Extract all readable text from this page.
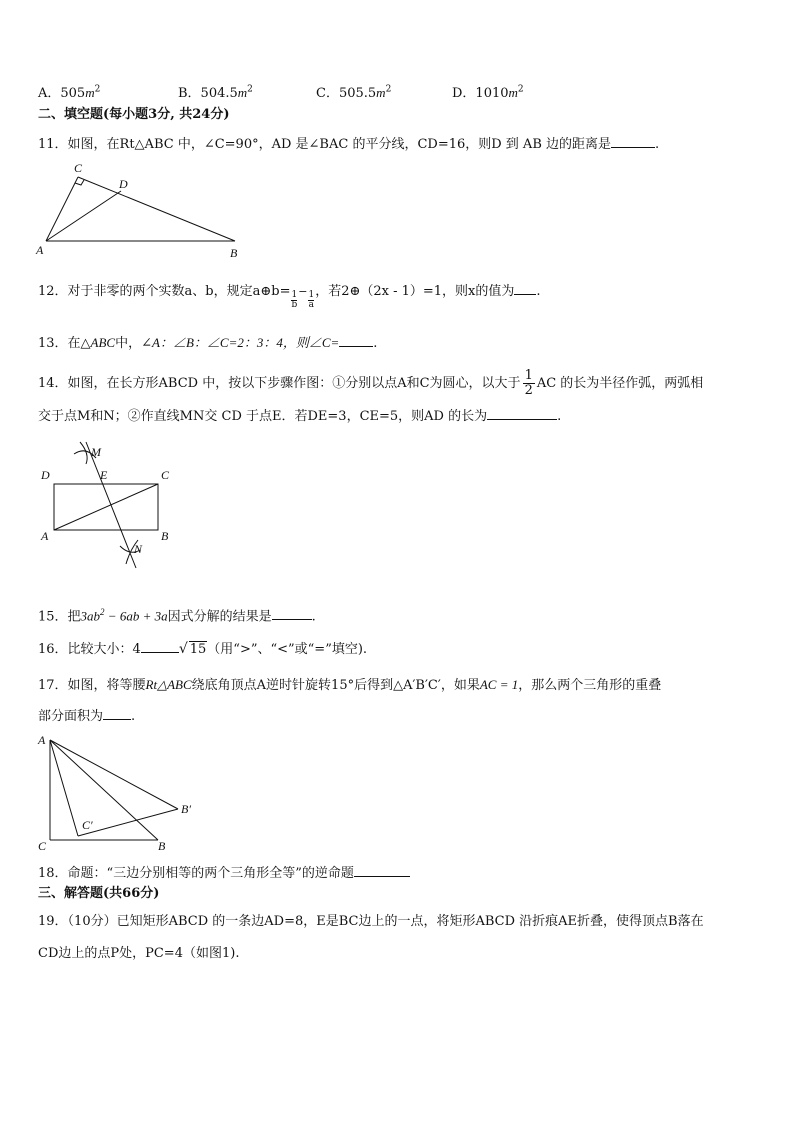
A．$505m^2$	B．$504.5m^2$	C．$505.5m^2$	D．$1010m^2$
二、填空题(每小题3分, 共24分)
11．如图，在Rt△ABC 中，∠C=90°，AD 是∠BAC 的平分线，CD=16，则D 到 AB 边的距离是	.
C
D
A	B
12．对于非零的两个实数a、b，规定a⊕b= $\frac{1}{b} - \frac{1}{a}$ ，若2⊕（2x - 1）=1，则x的值为 .
13．在△ABC中，∠A：∠B：∠C=2：3：4，则∠C=	.
14．如图，在长方形ABCD 中，按以下步骤作图：①分别以点A和C为圆心，以大于 $\frac{1}{2}$ AC 的长为半径作弧，两弧相
交于点M和N；②作直线MN交 CD 于点E．若DE=3，CE=5，则AD 的长为	.
M
D	E	C
A	B
N
15．把$3ab^2 - 6ab + 3a$因式分解的结果是	.
16．比较大小：4	√ 15（用“>”、“<”或“=”填空).
17．如图，将等腰Rt△ABC绕底角顶点A逆时针旋转15°后得到△A′B′C′，如果AC = 1，那么两个三角形的重叠
部分面积为 .
A
C
C′
B
B′
18．命题：“三边分别相等的两个三角形全等”的逆命题
三、解答题(共66分)
19．（10分）已知矩形ABCD 的一条边AD=8，E是BC边上的一点，将矩形ABCD 沿折痕AE折叠，使得顶点B落在
CD边上的点P处，PC=4（如图1).
